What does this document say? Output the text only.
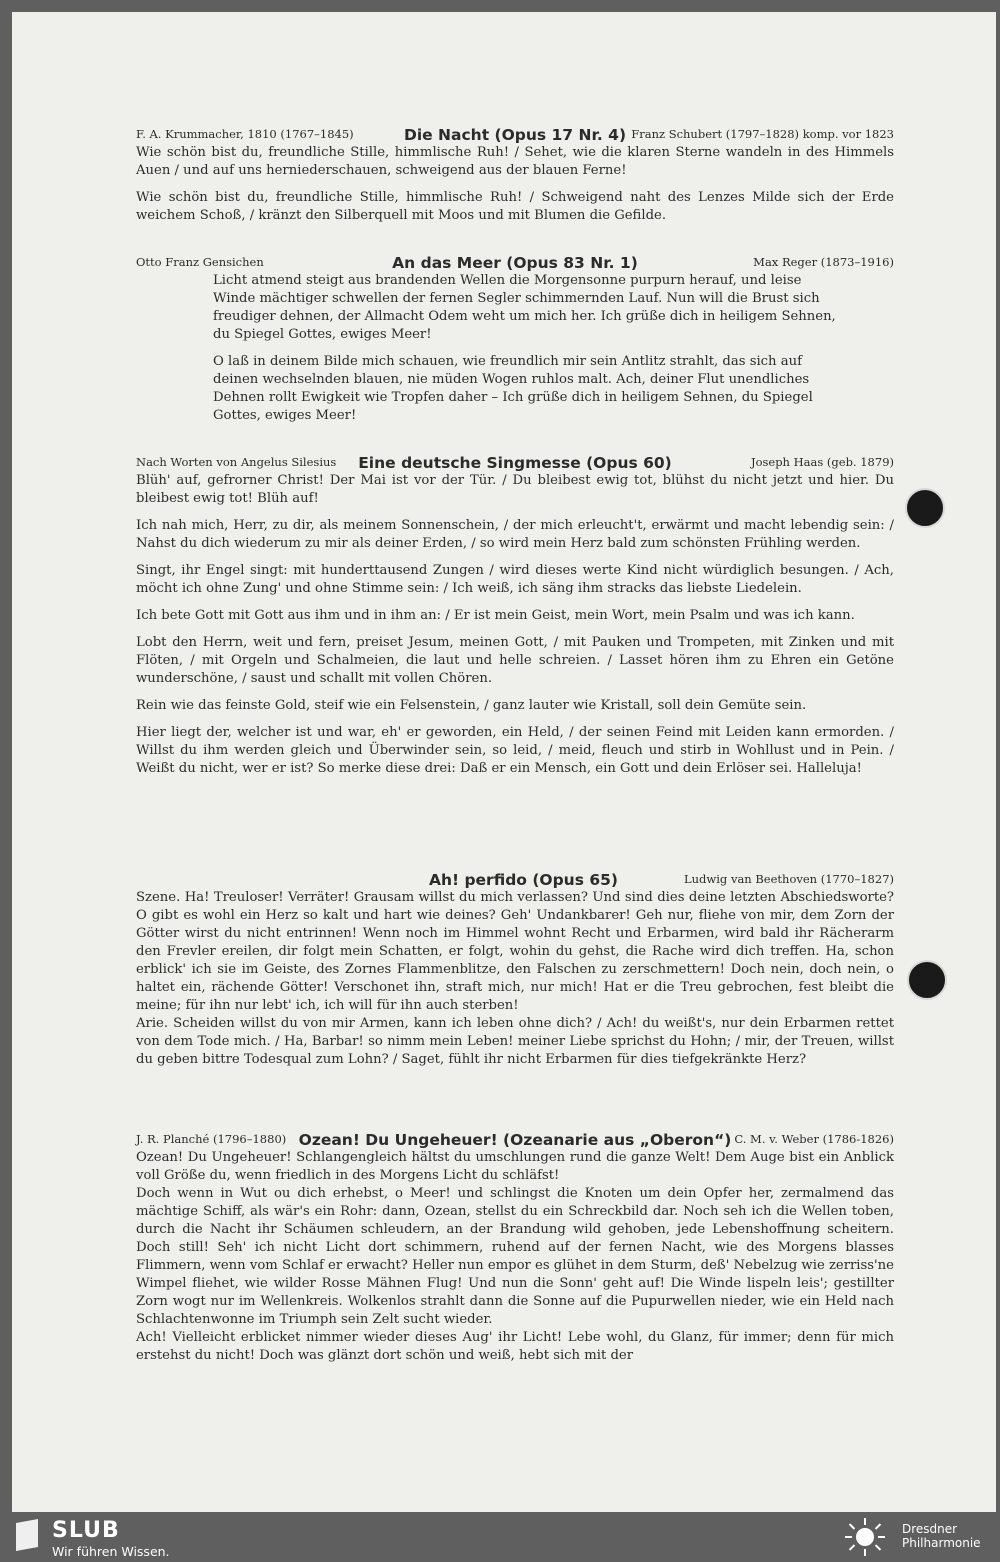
F. A. Krummacher, 1810 (1767–1845)	Die Nacht (Opus 17 Nr. 4) Franz Schubert (1797–1828) komp. vor 1823

Wie schön bist du, freundliche Stille, himmlische Ruh! / Sehet, wie die klaren Sterne wandeln in des Himmels Auen / und auf uns herniederschauen, schweigend aus der blauen Ferne!

Wie schön bist du, freundliche Stille, himmlische Ruh! / Schweigend naht des Lenzes Milde sich der Erde weichem Schoß, / kränzt den Silberquell mit Moos und mit Blumen die Gefilde.

Otto Franz Gensichen	An das Meer (Opus 83 Nr. 1)	Max Reger (1873–1916)

Licht atmend steigt aus brandenden Wellen die Morgensonne purpurn herauf, und leise Winde mächtiger schwellen der fernen Segler schimmernden Lauf. Nun will die Brust sich freudiger dehnen, der Allmacht Odem weht um mich her. Ich grüße dich in heiligem Sehnen, du Spiegel Gottes, ewiges Meer!

O laß in deinem Bilde mich schauen, wie freundlich mir sein Antlitz strahlt, das sich auf deinen wechselnden blauen, nie müden Wogen ruhlos malt. Ach, deiner Flut unendliches Dehnen rollt Ewigkeit wie Tropfen daher – Ich grüße dich in heiligem Sehnen, du Spiegel Gottes, ewiges Meer!

Nach Worten von Angelus Silesius	Eine deutsche Singmesse (Opus 60)	Joseph Haas (geb. 1879)

Blüh' auf, gefrorner Christ! Der Mai ist vor der Tür. / Du bleibest ewig tot, blühst du nicht jetzt und hier. Du bleibest ewig tot! Blüh auf!

Ich nah mich, Herr, zu dir, als meinem Sonnenschein, / der mich erleucht't, erwärmt und macht lebendig sein: / Nahst du dich wiederum zu mir als deiner Erden, / so wird mein Herz bald zum schönsten Frühling werden.

Singt, ihr Engel singt: mit hunderttausend Zungen / wird dieses werte Kind nicht würdiglich besungen. / Ach, möcht ich ohne Zung' und ohne Stimme sein: / Ich weiß, ich säng ihm stracks das liebste Liedelein.

Ich bete Gott mit Gott aus ihm und in ihm an: / Er ist mein Geist, mein Wort, mein Psalm und was ich kann.

Lobt den Herrn, weit und fern, preiset Jesum, meinen Gott, / mit Pauken und Trompeten, mit Zinken und mit Flöten, / mit Orgeln und Schalmeien, die laut und helle schreien. / Lasset hören ihm zu Ehren ein Getöne wunderschöne, / saust und schallt mit vollen Chören.

Rein wie das feinste Gold, steif wie ein Felsenstein, / ganz lauter wie Kristall, soll dein Gemüte sein.

Hier liegt der, welcher ist und war, eh' er geworden, ein Held, / der seinen Feind mit Leiden kann ermorden. / Willst du ihm werden gleich und Überwinder sein, so leid, / meid, fleuch und stirb in Wohllust und in Pein. / Weißt du nicht, wer er ist? So merke diese drei: Daß er ein Mensch, ein Gott und dein Erlöser sei. Halleluja!

Ah! perfido (Opus 65)	Ludwig van Beethoven (1770–1827)

Szene. Ha! Treuloser! Verräter! Grausam willst du mich verlassen? Und sind dies deine letzten Abschiedsworte? O gibt es wohl ein Herz so kalt und hart wie deines? Geh' Undankbarer! Geh nur, fliehe von mir, dem Zorn der Götter wirst du nicht entrinnen! Wenn noch im Himmel wohnt Recht und Erbarmen, wird bald ihr Rächerarm den Frevler ereilen, dir folgt mein Schatten, er folgt, wohin du gehst, die Rache wird dich treffen. Ha, schon erblick' ich sie im Geiste, des Zornes Flammenblitze, den Falschen zu zerschmettern! Doch nein, doch nein, o haltet ein, rächende Götter! Verschonet ihn, straft mich, nur mich! Hat er die Treu gebrochen, fest bleibt die meine; für ihn nur lebt' ich, ich will für ihn auch sterben!

Arie. Scheiden willst du von mir Armen, kann ich leben ohne dich? / Ach! du weißt's, nur dein Erbarmen rettet von dem Tode mich. / Ha, Barbar! so nimm mein Leben! meiner Liebe sprichst du Hohn; / mir, der Treuen, willst du geben bittre Todesqual zum Lohn? / Saget, fühlt ihr nicht Erbarmen für dies tiefgekränkte Herz?

J. R. Planché (1796–1880) Ozean! Du Ungeheuer! (Ozeanarie aus „Oberon“) C. M. v. Weber (1786-1826)

Ozean! Du Ungeheuer! Schlangengleich hältst du umschlungen rund die ganze Welt! Dem Auge bist ein Anblick voll Größe du, wenn friedlich in des Morgens Licht du schläfst!

Doch wenn in Wut ou dich erhebst, o Meer! und schlingst die Knoten um dein Opfer her, zermalmend das mächtige Schiff, als wär's ein Rohr: dann, Ozean, stellst du ein Schreckbild dar. Noch seh ich die Wellen toben, durch die Nacht ihr Schäumen schleudern, an der Brandung wild gehoben, jede Lebenshoffnung scheitern. Doch still! Seh' ich nicht Licht dort schimmern, ruhend auf der fernen Nacht, wie des Morgens blasses Flimmern, wenn vom Schlaf er erwacht? Heller nun empor es glühet in dem Sturm, deß' Nebelzug wie zerriss'ne Wimpel fliehet, wie wilder Rosse Mähnen Flug! Und nun die Sonn' geht auf! Die Winde lispeln leis'; gestillter Zorn wogt nur im Wellenkreis. Wolkenlos strahlt dann die Sonne auf die Pupurwellen nieder, wie ein Held nach Schlachtenwonne im Triumph sein Zelt sucht wieder.

Ach! Vielleicht erblicket nimmer wieder dieses Aug' ihr Licht! Lebe wohl, du Glanz, für immer; denn für mich erstehst du nicht! Doch was glänzt dort schön und weiß, hebt sich mit der

SLUB
Wir führen Wissen.
Dresdner
Philharmonie
